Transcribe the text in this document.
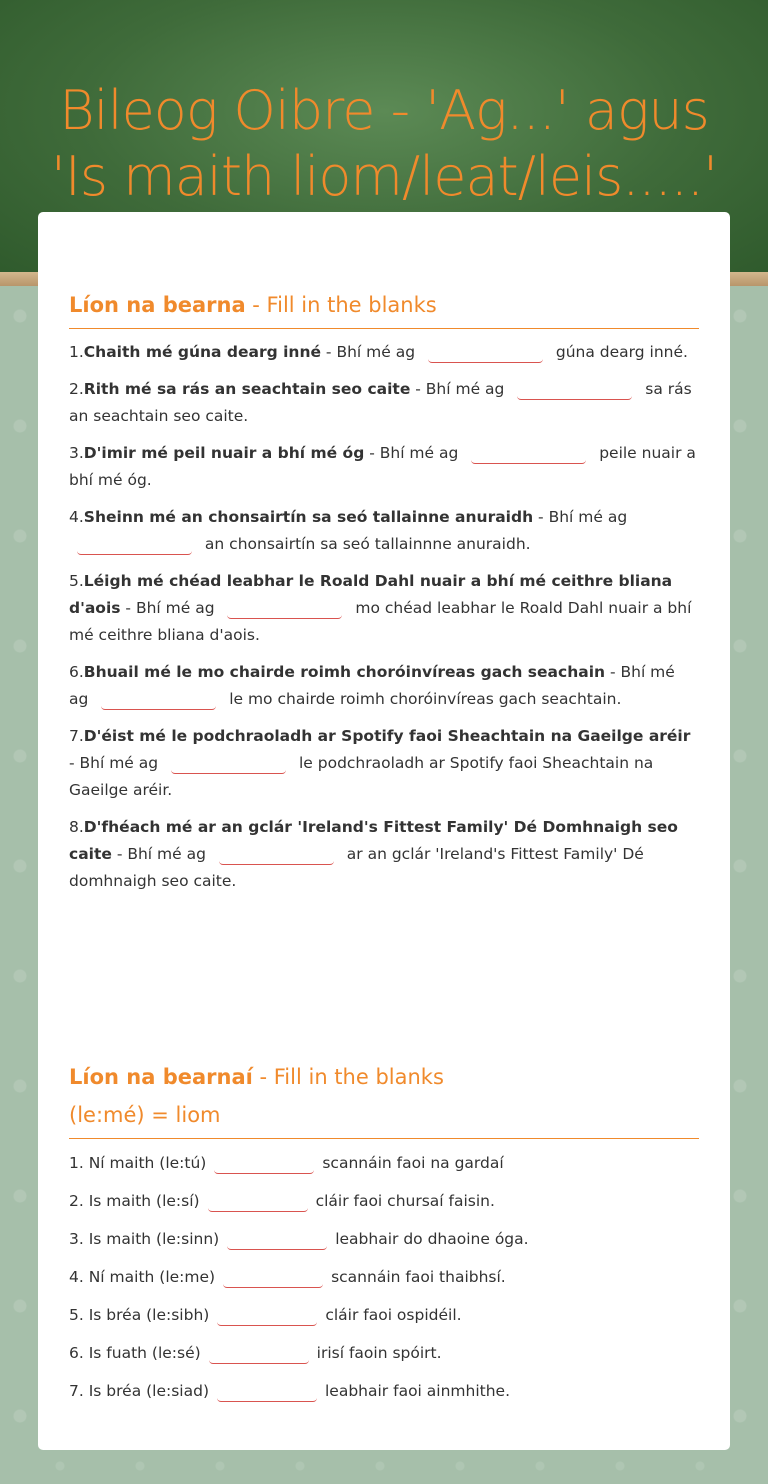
Bileog Oibre - 'Ag...' agus
'Is maith liom/leat/leis.....'
Líon na bearna - Fill in the blanks
1.Chaith mé gúna dearg inné - Bhí mé ag	gúna dearg inné.
2.Rith mé sa rás an seachtain seo caite - Bhí mé ag	sa rás an seachtain seo caite.
3.D'imir mé peil nuair a bhí mé óg - Bhí mé ag	peile nuair a bhí mé óg.
4.Sheinn mé an chonsairtín sa seó tallainne anuraidh - Bhí mé ag  an chonsairtín sa seó tallainnne anuraidh.
5.Léigh mé chéad leabhar le Roald Dahl nuair a bhí mé ceithre bliana d'aois - Bhí mé ag	mo chéad leabhar le Roald Dahl nuair a bhí mé ceithre bliana d'aois.
6.Bhuail mé le mo chairde roimh choróinvíreas gach seachain - Bhí mé ag	le mo chairde roimh choróinvíreas gach seachtain.
7.D'éist mé le podchraoladh ar Spotify faoi Sheachtain na Gaeilge aréir - Bhí mé ag	le podchraoladh ar Spotify faoi Sheachtain na Gaeilge aréir.
8.D'fhéach mé ar an gclár 'Ireland's Fittest Family' Dé Domhnaigh seo caite - Bhí mé ag	ar an gclár 'Ireland's Fittest Family' Dé domhnaigh seo caite.
Líon na bearnaí - Fill in the blanks
(le:mé) = liom
1. Ní maith (le:tú)	scannáin faoi na gardaí
2. Is maith (le:sí)	cláir faoi chursaí faisin.
3. Is maith (le:sinn)	leabhair do dhaoine óga.
4. Ní maith (le:me)	scannáin faoi thaibhsí.
5. Is bréa (le:sibh)	cláir faoi ospidéil.
6. Is fuath (le:sé)	irisí faoin spóirt.
7. Is bréa (le:siad)	leabhair faoi ainmhithe.
